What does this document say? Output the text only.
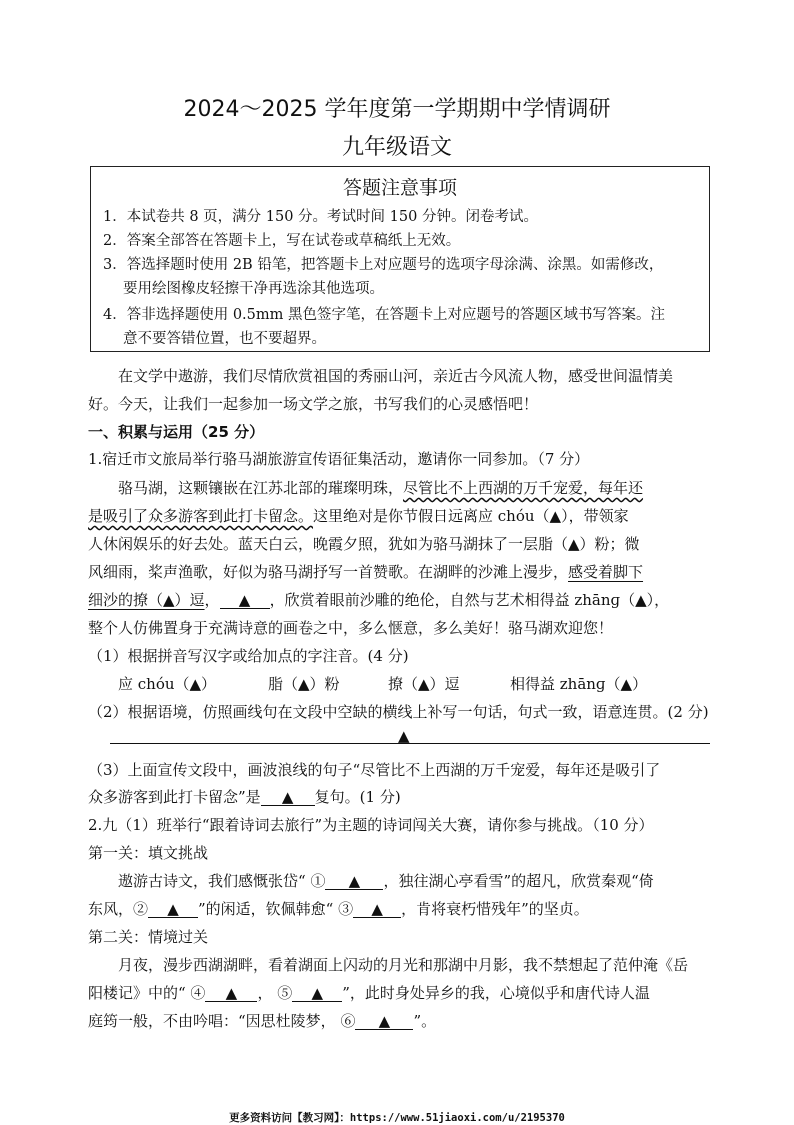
2024～2025 学年度第一学期期中学情调研
九年级语文
答题注意事项
1．本试卷共 8 页，满分 150 分。考试时间 150 分钟。闭卷考试。
2．答案全部答在答题卡上，写在试卷或草稿纸上无效。
3．答选择题时使用 2B 铅笔，把答题卡上对应题号的选项字母涂满、涂黑。如需修改，
要用绘图橡皮轻擦干净再选涂其他选项。
4．答非选择题使用 0.5mm 黑色签字笔，在答题卡上对应题号的答题区域书写答案。注
意不要答错位置，也不要超界。
在文学中遨游，我们尽情欣赏祖国的秀丽山河，亲近古今风流人物，感受世间温情美
好。今天，让我们一起参加一场文学之旅，书写我们的心灵感悟吧！
一、积累与运用（25 分）
1.宿迁市文旅局举行骆马湖旅游宣传语征集活动，邀请你一同参加。（7 分）
骆马湖，这颗镶嵌在江苏北部的璀璨明珠，尽管比不上西湖的万千宠爱，每年还
是吸引了众多游客到此打卡留念。这里绝对是你节假日远离应 chóu（▲），带领家
人休闲娱乐的好去处。蓝天白云，晚霞夕照，犹如为骆马湖抹了一层脂（▲）粉；微
风细雨，桨声渔歌，好似为骆马湖抒写一首赞歌。在湖畔的沙滩上漫步，感受着脚下
细沙的撩（▲）逗， ▲ ，欣赏着眼前沙雕的绝伦，自然与艺术相得益 zhānɡ（▲），
整个人仿佛置身于充满诗意的画卷之中，多么惬意，多么美好！骆马湖欢迎您！
（1）根据拼音写汉字或给加点的字注音。(4 分)
应 chóu（▲）	脂（▲）粉	撩（▲）逗	相得益 zhānɡ（▲）
（2）根据语境，仿照画线句在文段中空缺的横线上补写一句话，句式一致，语意连贯。(2 分)
▲
（3）上面宣传文段中，画波浪线的句子“尽管比不上西湖的万千宠爱，每年还是吸引了
众多游客到此打卡留念”是 ▲ 复句。(1 分)
2.九（1）班举行“跟着诗词去旅行”为主题的诗词闯关大赛，请你参与挑战。（10 分）
第一关：填文挑战
遨游古诗文，我们感慨张岱“ ① ▲ ，独往湖心亭看雪”的超凡，欣赏秦观“倚
东风，② ▲ ”的闲适，钦佩韩愈“ ③ ▲ ，肯将衰朽惜残年”的坚贞。
第二关：情境过关
月夜，漫步西湖湖畔，看着湖面上闪动的月光和那湖中月影，我不禁想起了范仲淹《岳
阳楼记》中的“ ④ ▲ ， ⑤ ▲ ”，此时身处异乡的我，心境似乎和唐代诗人温
庭筠一般，不由吟唱：“因思杜陵梦， ⑥ ▲ ”。
更多资料访问【教习网】：https://www.51jiaoxi.com/u/2195370
